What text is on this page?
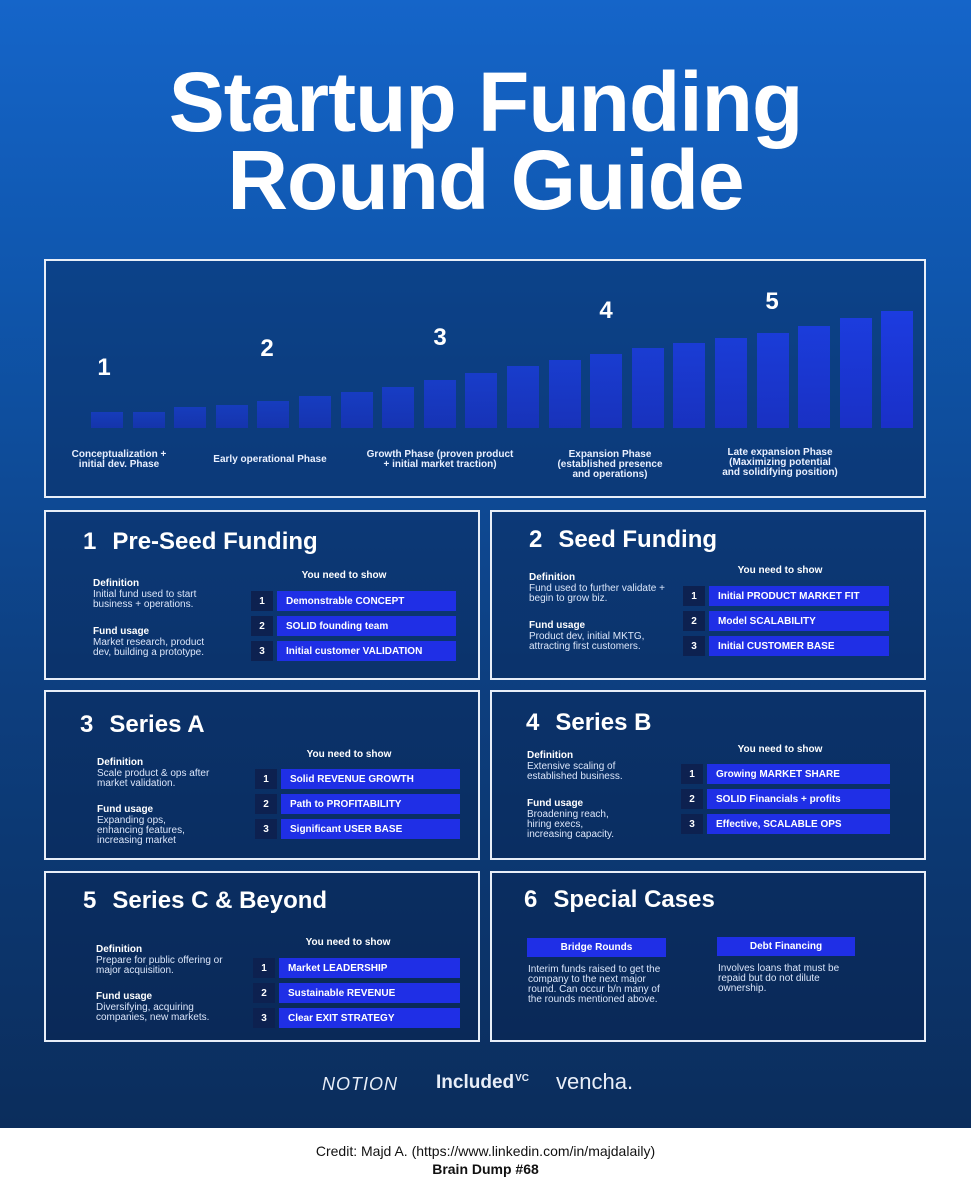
Startup Funding
Round Guide
1
2	3
4	5
Conceptualization +
initial dev. Phase	Early operational Phase	Growth Phase (proven product
+ initial market traction)
Expansion Phase
(established presence
and operations)
Late expansion Phase
(Maximizing potential
and solidifying position)
1 Pre-Seed Funding
Definition
Initial fund used to start business + operations.
Fund usage
Market research, product dev, building a prototype.
You need to show
1	Demonstrable CONCEPT
2	SOLID founding team
3	Initial customer VALIDATION
2 Seed Funding
Definition
Fund used to further validate + begin to grow biz.
Fund usage
Product dev, initial MKTG, attracting first customers.
You need to show
1	Initial PRODUCT MARKET FIT
2	Model SCALABILITY
3	Initial CUSTOMER BASE
3 Series A
Definition
Scale product & ops after market validation.
Fund usage
Expanding ops, enhancing features, increasing market
You need to show
1	Solid REVENUE GROWTH
2	Path to PROFITABILITY
3	Significant USER BASE
4 Series B
Definition
Extensive scaling of established business.
Fund usage
Broadening reach, hiring execs, increasing capacity.
You need to show
1	Growing MARKET SHARE
2	SOLID Financials + profits
3	Effective, SCALABLE OPS
5 Series C & Beyond
Definition
Prepare for public offering or major acquisition.
Fund usage
Diversifying, acquiring companies, new markets.
You need to show
1	Market LEADERSHIP
2	Sustainable REVENUE
3	Clear EXIT STRATEGY
6 Special Cases
Bridge Rounds
Interim funds raised to get the company to the next major round. Can occur b/n many of the rounds mentioned above.
Debt Financing
Involves loans that must be repaid but do not dilute ownership.
NOTION Included$^{VC}$ vencha.
Credit: Majd A. (https://www.linkedin.com/in/majdalaily)
Brain Dump #68
